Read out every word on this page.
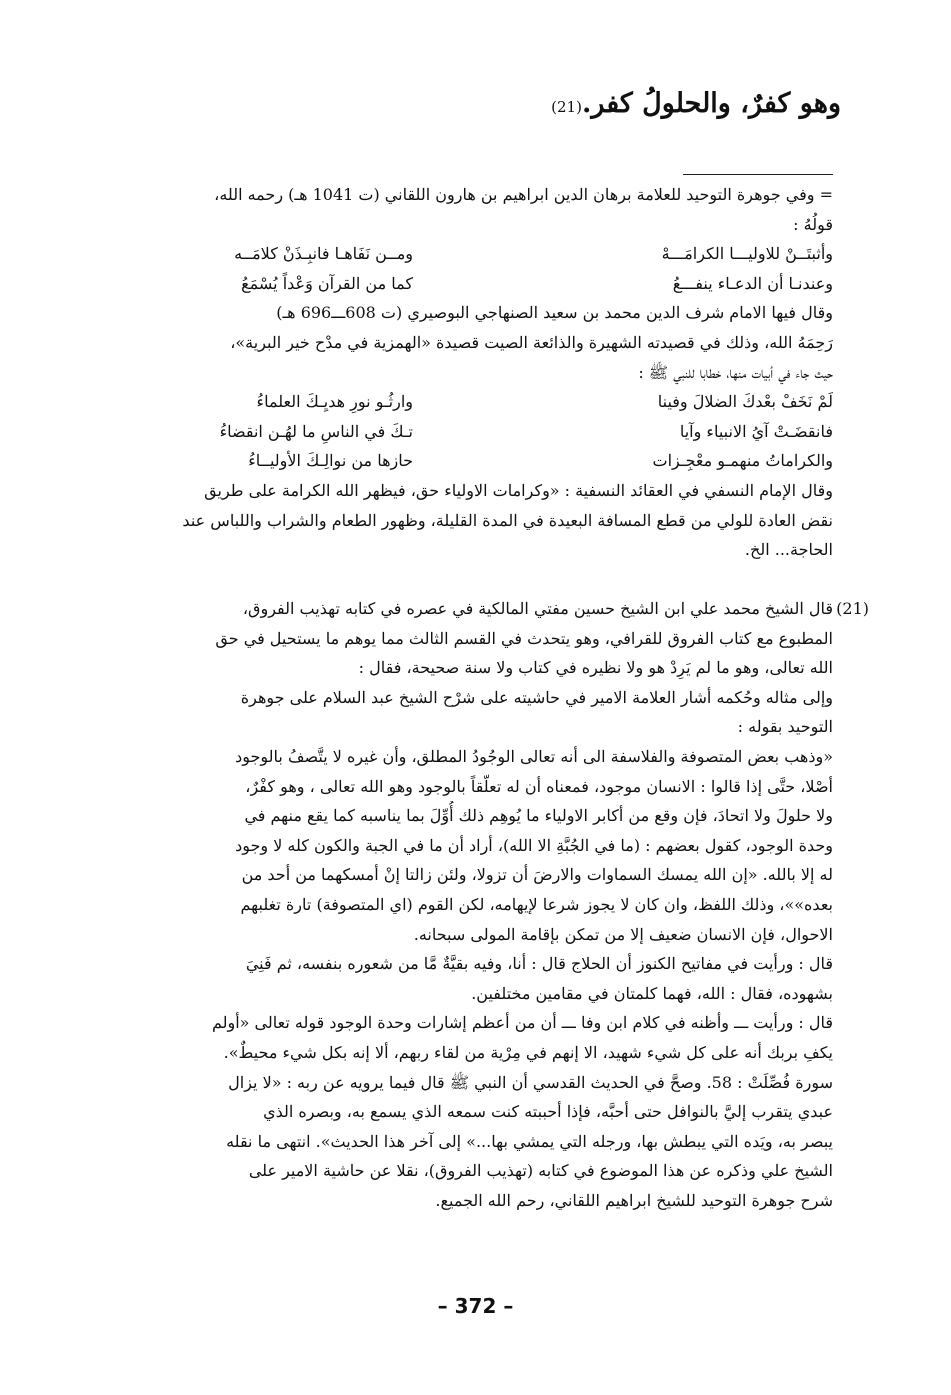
وهو كفرٌ، والحلولُ كفر.(21)
= وفي جوهرة التوحيد للعلامة برهان الدين ابراهيم بن هارون اللقاني (ت 1041 هـ) رحمه الله،
قولُهُ :
وأثبتَــنْ للاوليـــا الكرامَـــهْ
ومــن نَفَاهـا فانبِـذَنْ كلامَــه
وعندنـا أن الدعـاء ينفـــعُ
كما من القرآن وَعْداً يُسْمَعُ
وقال فيها الامام شرف الدين محمد بن سعيد الصنهاجي البوصيري (ت 608ـــ696 هـ)
رَحِمَهُ الله، وذلك في قصيدته الشهيرة والذائعة الصيت قصيدة «الهمزية في مدْح خير البرية»،
حيث جاء في أبيات منها، خطابا للنبي ﷺ :
لَمْ نَخَفْ بعْدكَ الضلالَ وفينا
وارثُـو نورِ هديِـكَ العلماءُ
فانقضَـتْ آيُ الانبياء وآيا
تـكَ في الناسِ ما لهُـن انقضاءُ
والكراماتُ منهمـو معْجِـزات
حازها من نوالِـكَ الأوليــاءُ
وقال الإمام النسفي في العقائد النسفية : «وكرامات الاولياء حق، فيظهر الله الكرامة على طريق
نقض العادة للولي من قطع المسافة البعيدة في المدة القليلة، وظهور الطعام والشراب واللباس عند
الحاجة... الخ.
(21)
قال الشيخ محمد علي ابن الشيخ حسين مفتي المالكية في عصره في كتابه تهذيب الفروق،
المطبوع مع كتاب الفروق للقرافي، وهو يتحدث في القسم الثالث مما يوهم ما يستحيل في حق
الله تعالى، وهو ما لم يَرِدْ هو ولا نظيره في كتاب ولا سنة صحيحة، فقال :
وإلى مثاله وحُكمه أشار العلامة الامير في حاشيته على شرْح الشيخ عبد السلام على جوهرة
التوحيد بقوله :
«وذهب بعض المتصوفة والفلاسفة الى أنه تعالى الوجُودُ المطلق، وأن غيره لا يتَّصفُ بالوجود
أصْلا، حتَّى إذا قالوا : الانسان موجود، فمعناه أن له تعلّقاً بالوجود وهو الله تعالى ، وهو كفْرٌ،
ولا حلولَ ولا اتحادَ، فإن وقع من أكابر الاولياء ما يُوهِم ذلك أُوِّلَ بما يناسبه كما يقع منهم في
وحدة الوجود، كقول بعضهم : (ما في الجُبَّةِ الا الله)، أراد أن ما في الجبة والكون كله لا وجود
له إلا بالله. «إن الله يمسك السماوات والارضَ أن تزولا، ولئن زالتا إنْ أمسكهما من أحد من
بعده»»، وذلك اللفظ، وان كان لا يجوز شرعا لإيهامه، لكن القوم (اي المتصوفة) تارة تغلبهم
الاحوال، فإن الانسان ضعيف إلا من تمكن بإقامة المولى سبحانه.
قال : ورأيت في مفاتيح الكنوز أن الحلاج قال : أنا، وفيه بقيَّةٌ مَّا من شعوره بنفسه، ثم فَنِيَ
بشهوده، فقال : الله، فهما كلمتان في مقامين مختلفين.
قال : ورأيت ـــ وأظنه في كلام ابن وفا ـــ أن من أعظم إشارات وحدة الوجود قوله تعالى «أولم
يكفِ بربك أنه على كل شيء شهيد، الا إنهم في مِرْية من لقاء ربهم، ألا إنه بكل شيء محيطٌ».
سورة فُصِّلَتْ : 58. وصحَّ في الحديث القدسي أن النبي ﷺ قال فيما يرويه عن ربه : «لا يزال
عبدي يتقرب إليَّ بالنوافل حتى أحبَّه، فإذا أحببته كنت سمعه الذي يسمع به، وبصره الذي
يبصر به، ويَده التي يبطش بها، ورجله التي يمشي بها...» إلى آخر هذا الحديث». انتهى ما نقله
الشيخ علي وذكره عن هذا الموضوع في كتابه (تهذيب الفروق)، نقلا عن حاشية الامير على
شرح جوهرة التوحيد للشيخ ابراهيم اللقاني، رحم الله الجميع.
– 372 –
